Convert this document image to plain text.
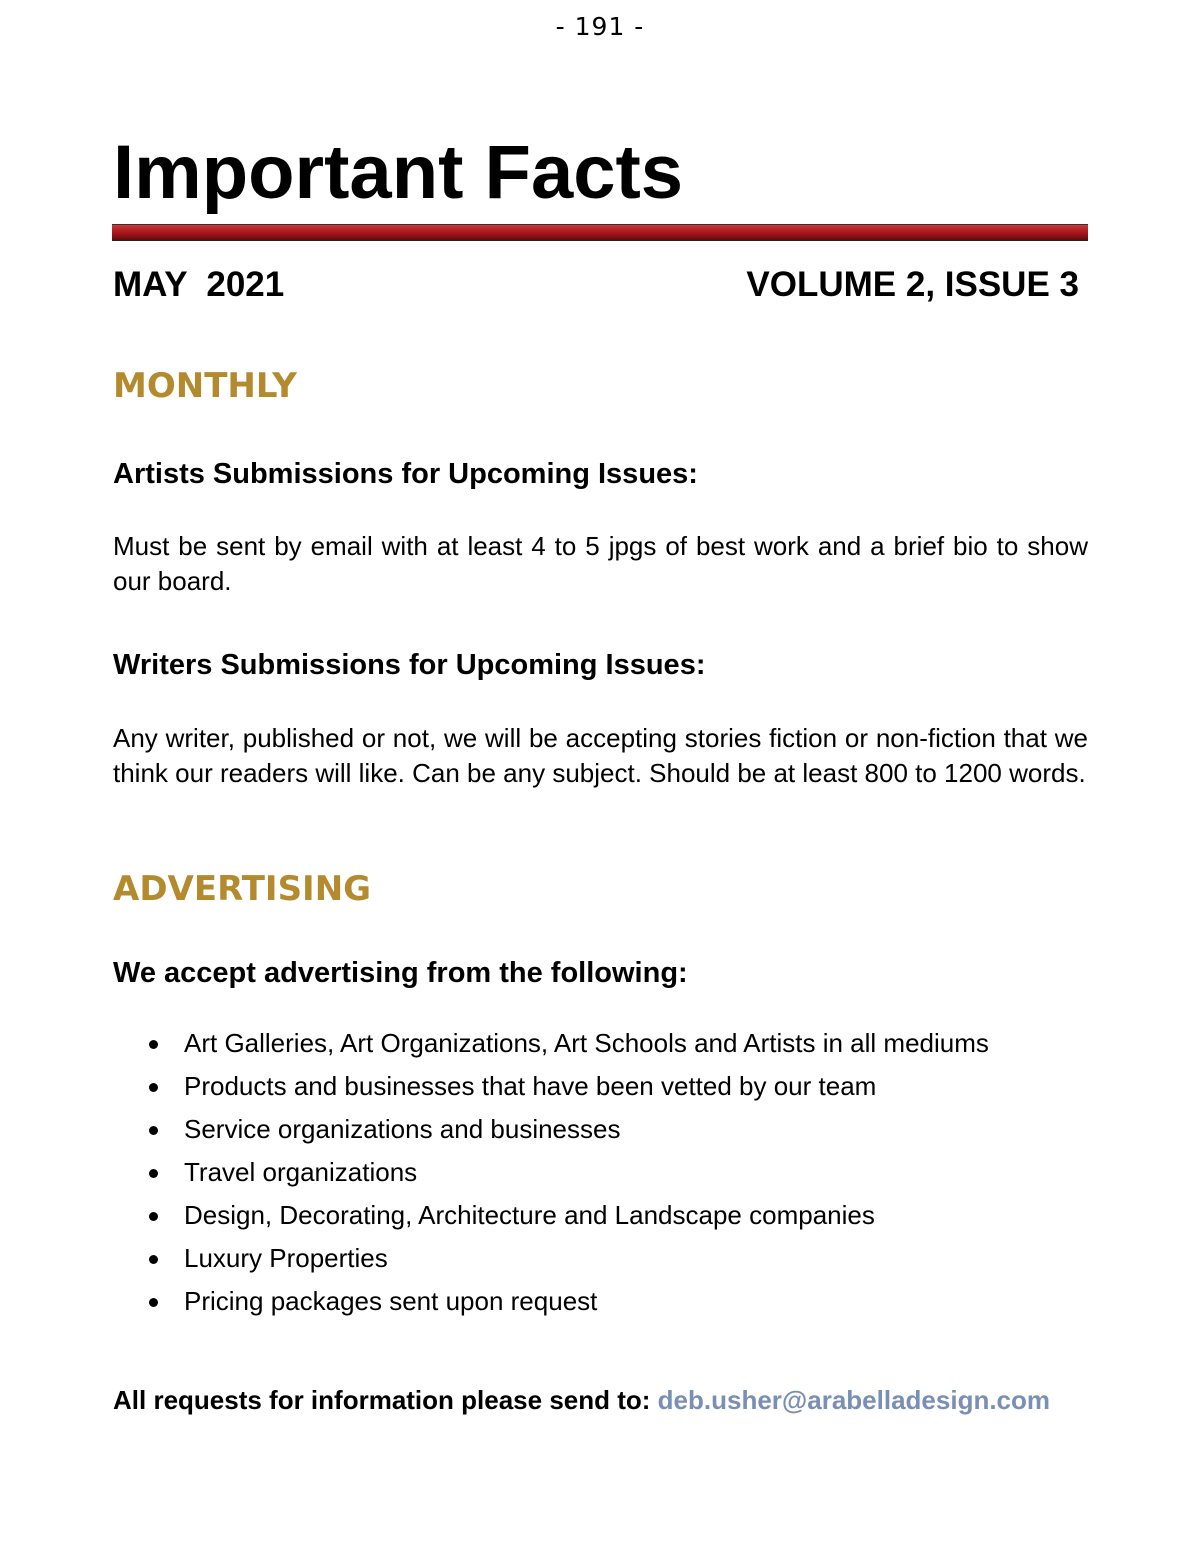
- 191 -
Important Facts
MAY  2021	VOLUME 2, ISSUE 3
MONTHLY
Artists Submissions for Upcoming Issues:

Must be sent by email with at least 4 to 5 jpgs of best work and a brief bio to show our board.

Writers Submissions for Upcoming Issues:

Any writer, published or not, we will be accepting stories fiction or non-fiction that we think our readers will like. Can be any subject. Should be at least 800 to 1200 words.

ADVERTISING
We accept advertising from the following:
Art Galleries, Art Organizations, Art Schools and Artists in all mediums
Products and businesses that have been vetted by our team
Service organizations and businesses
Travel organizations
Design, Decorating, Architecture and Landscape companies
Luxury Properties
Pricing packages sent upon request

All requests for information please send to: deb.usher@arabelladesign.com
